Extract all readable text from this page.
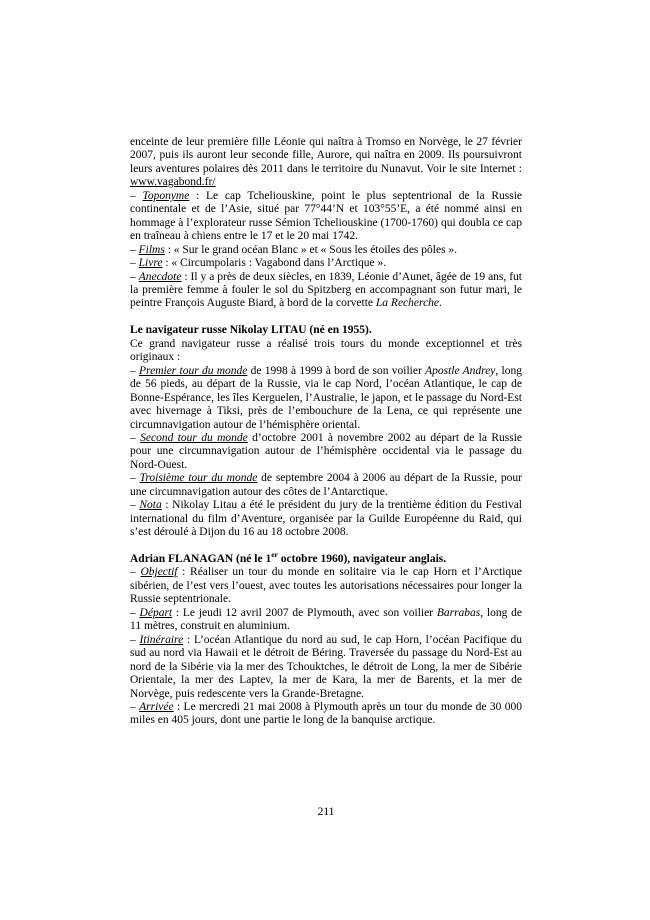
enceinte de leur première fille Léonie qui naîtra à Tromso en Norvège, le 27 février 2007, puis ils auront leur seconde fille, Aurore, qui naîtra en 2009. Ils poursuivront leurs aventures polaires dès 2011 dans le territoire du Nunavut. Voir le site Internet : www.vagabond.fr/

– Toponyme : Le cap Tcheliouskine, point le plus septentrional de la Russie continentale et de l’Asie, situé par 77°44’N et 103°55’E, a été nommé ainsi en hommage à l’explorateur russe Sémion Tcheliouskine (1700-1760) qui doubla ce cap en traîneau à chiens entre le 17 et le 20 mai 1742.

– Films : « Sur le grand océan Blanc » et « Sous les étoiles des pôles ».

– Livre : « Circumpolaris : Vagabond dans l’Arctique ».

– Anecdote : Il y a près de deux siècles, en 1839, Léonie d’Aunet, âgée de 19 ans, fut la première femme à fouler le sol du Spitzberg en accompagnant son futur mari, le peintre François Auguste Biard, à bord de la corvette La Recherche.

Le navigateur russe Nikolay LITAU (né en 1955).

Ce grand navigateur russe a réalisé trois tours du monde exceptionnel et très originaux :

– Premier tour du monde de 1998 à 1999 à bord de son voilier Apostle Andrey, long de 56 pieds, au départ de la Russie, via le cap Nord, l’océan Atlantique, le cap de Bonne-Espérance, les îles Kerguelen, l’Australie, le japon, et le passage du Nord-Est avec hivernage à Tiksi, près de l’embouchure de la Lena, ce qui représente une circumnavigation autour de l’hémisphère oriental.

– Second tour du monde d’octobre 2001 à novembre 2002 au départ de la Russie pour une circumnavigation autour de l’hémisphère occidental via le passage du Nord-Ouest.

– Troisième tour du monde de septembre 2004 à 2006 au départ de la Russie, pour une circumnavigation autour des côtes de l’Antarctique.

– Nota : Nikolay Litau a été le président du jury de la trentième édition du Festival international du film d’Aventure, organisée par la Guilde Européenne du Raid, qui s’est déroulé à Dijon du 16 au 18 octobre 2008.

Adrian FLANAGAN (né le 1er octobre 1960), navigateur anglais.

– Objectif : Réaliser un tour du monde en solitaire via le cap Horn et l’Arctique sibérien, de l’est vers l’ouest, avec toutes les autorisations nécessaires pour longer la Russie septentrionale.

– Départ : Le jeudi 12 avril 2007 de Plymouth, avec son voilier Barrabas, long de 11 mètres, construit en aluminium.

– Itinéraire : L’océan Atlantique du nord au sud, le cap Horn, l’océan Pacifique du sud au nord via Hawaii et le détroit de Béring. Traversée du passage du Nord-Est au nord de la Sibérie via la mer des Tchouktches, le détroit de Long, la mer de Sibérie Orientale, la mer des Laptev, la mer de Kara, la mer de Barents, et la mer de Norvège, puis redescente vers la Grande-Bretagne.

– Arrivée : Le mercredi 21 mai 2008 à Plymouth après un tour du monde de 30 000 miles en 405 jours, dont une partie le long de la banquise arctique.

211
